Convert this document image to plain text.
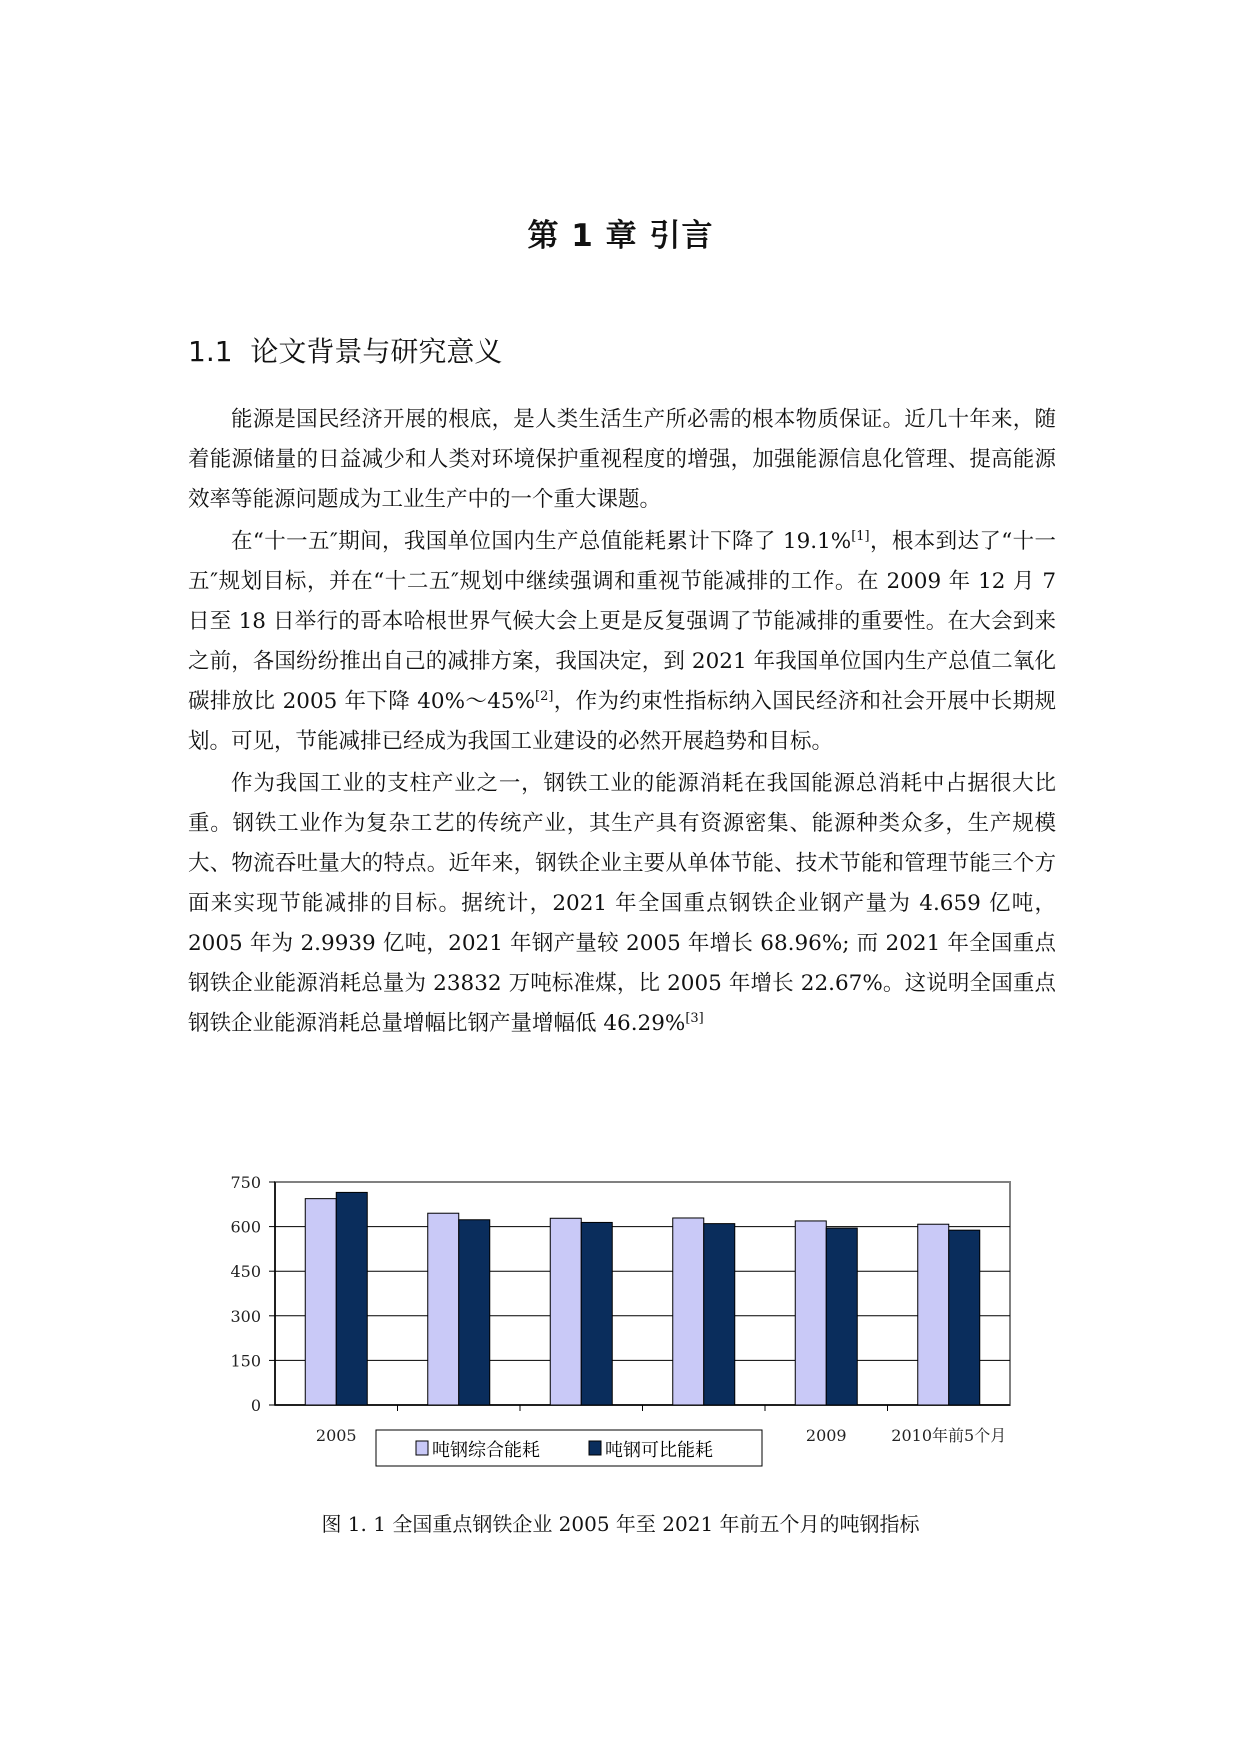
第 1 章 引言
1.1 论文背景与研究意义

能源是国民经济开展的根底，是人类生活生产所必需的根本物质保证。近几十年来，随着能源储量的日益减少和人类对环境保护重视程度的增强，加强能源信息化管理、提高能源效率等能源问题成为工业生产中的一个重大课题。

在“十一五″期间，我国单位国内生产总值能耗累计下降了 19.1%[1]，根本到达了“十一五″规划目标，并在“十二五″规划中继续强调和重视节能减排的工作。在 2009 年 12 月 7 日至 18 日举行的哥本哈根世界气候大会上更是反复强调了节能减排的重要性。在大会到来之前，各国纷纷推出自己的减排方案，我国决定，到 2021 年我国单位国内生产总值二氧化碳排放比 2005 年下降 40%～45%[2]，作为约束性指标纳入国民经济和社会开展中长期规划。可见，节能减排已经成为我国工业建设的必然开展趋势和目标。

作为我国工业的支柱产业之一，钢铁工业的能源消耗在我国能源总消耗中占据很大比重。钢铁工业作为复杂工艺的传统产业，其生产具有资源密集、能源种类众多，生产规模大、物流吞吐量大的特点。近年来，钢铁企业主要从单体节能、技术节能和管理节能三个方面来实现节能减排的目标。据统计，2021 年全国重点钢铁企业钢产量为 4.659 亿吨，2005 年为 2.9939 亿吨，2021 年钢产量较 2005 年增长 68.96%; 而 2021 年全国重点钢铁企业能源消耗总量为 23832 万吨标准煤，比 2005 年增长 22.67%。这说明全国重点钢铁企业能源消耗总量增幅比钢产量增幅低 46.29%[3]

0
150
300
450
600
750
2005	2009	2010年前5个月
吨钢综合能耗	吨钢可比能耗
图 1. 1 全国重点钢铁企业 2005 年至 2021 年前五个月的吨钢指标
